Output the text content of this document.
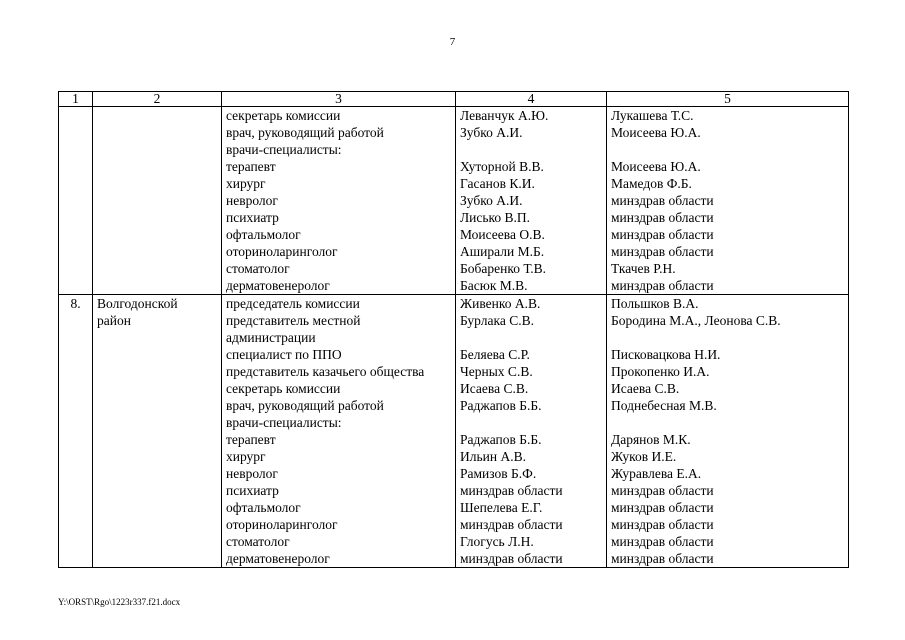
7
1	2	3	4	5
		секретарь комиссии	Леванчук А.Ю.	Лукашева Т.С.
		врач, руководящий работой	Зубко А.И.	Моисеева Ю.А.
		врачи-специалисты:		
		терапевт	Хуторной В.В.	Моисеева Ю.А.
		хирург	Гасанов К.И.	Мамедов Ф.Б.
		невролог	Зубко А.И.	минздрав области
		психиатр	Лисько В.П.	минздрав области
		офтальмолог	Моисеева О.В.	минздрав области
		оториноларинголог	Аширали М.Б.	минздрав области
		стоматолог	Бобаренко Т.В.	Ткачев Р.Н.
		дерматовенеролог	Басюк М.В.	минздрав области
8.	Волгодонской	председатель комиссии	Живенко А.В.	Польшков В.А.
	район	представитель местной	Бурлака С.В.	Бородина М.А., Леонова С.В.
		администрации		
		специалист по ППО	Беляева С.Р.	Писковацкова Н.И.
		представитель казачьего общества	Черных С.В.	Прокопенко И.А.
		секретарь комиссии	Исаева С.В.	Исаева С.В.
		врач, руководящий работой	Раджапов Б.Б.	Поднебесная М.В.
		врачи-специалисты:		
		терапевт	Раджапов Б.Б.	Дарянов М.К.
		хирург	Ильин А.В.	Жуков И.Е.
		невролог	Рамизов Б.Ф.	Журавлева Е.А.
		психиатр	минздрав области	минздрав области
		офтальмолог	Шепелева Е.Г.	минздрав области
		оториноларинголог	минздрав области	минздрав области
		стоматолог	Глогусь Л.Н.	минздрав области
		дерматовенеролог	минздрав области	минздрав области
Y:\ORST\Rgo\1223r337.f21.docx
